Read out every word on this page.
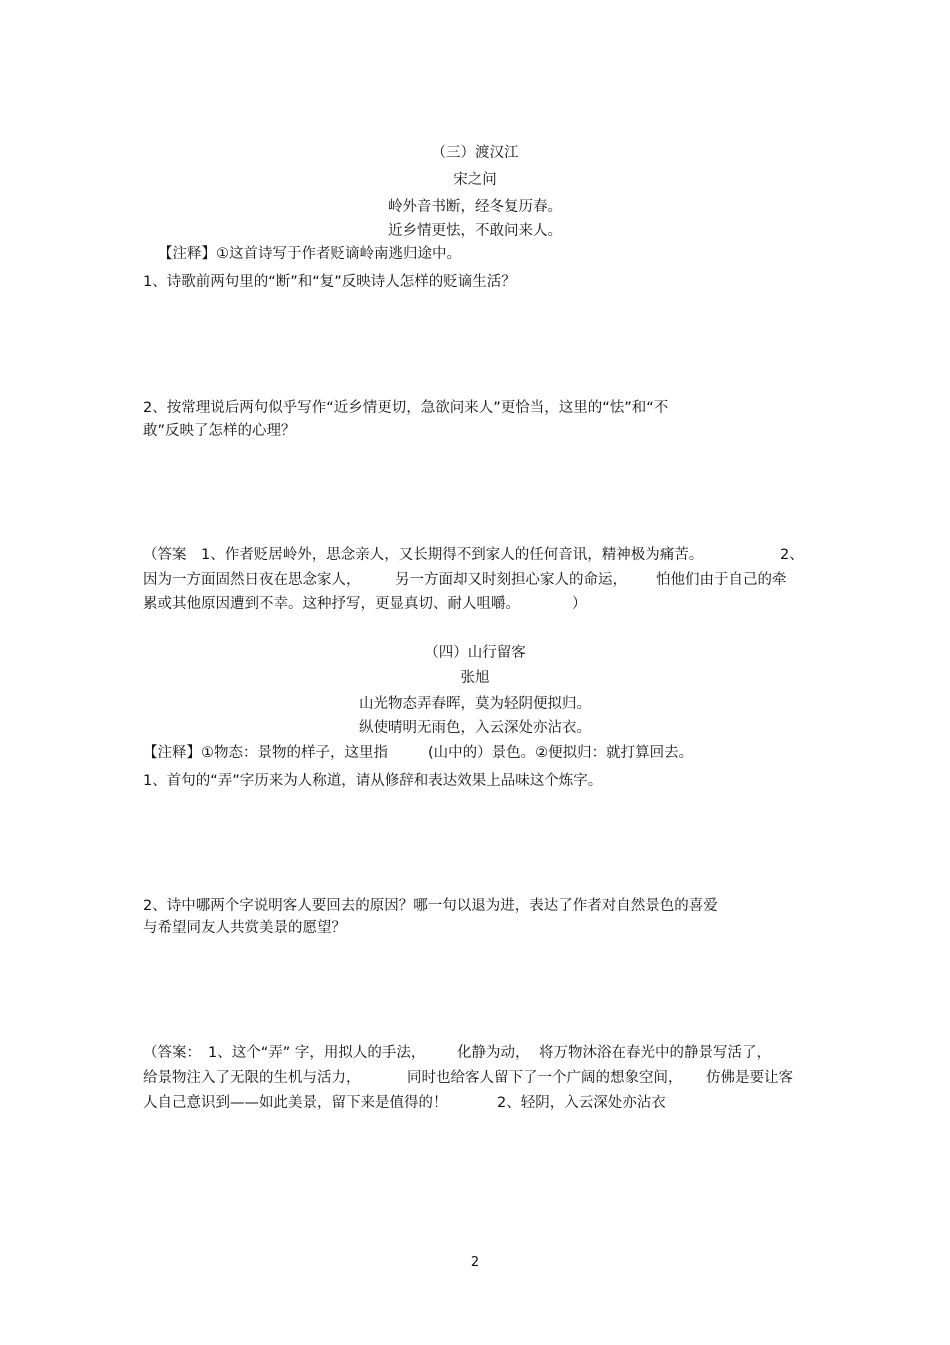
（三）渡汉江
宋之问
岭外音书断，经冬复历春。
近乡情更怯，不敢问来人。
【注释】①这首诗写于作者贬谪岭南逃归途中。
1、诗歌前两句里的“断”和“复”反映诗人怎样的贬谪生活？
2、按常理说后两句似乎写作“近乡情更切，急欲问来人”更恰当，这里的“怯”和“不
敢”反映了怎样的心理？
（答案　1、作者贬居岭外，思念亲人，又长期得不到家人的任何音讯，精神极为痛苦。	2、
因为一方面固然日夜在思念家人， 另一方面却又时刻担心家人的命运， 怕他们由于自己的牵
累或其他原因遭到不幸。这种抒写，更显真切、耐人咀嚼。	）
（四）山行留客
张旭
山光物态弄春晖，莫为轻阴便拟归。
纵使晴明无雨色，入云深处亦沾衣。
【注释】①物态：景物的样子，这里指	(山中的）景色。②便拟归：就打算回去。
1、首句的“弄”字历来为人称道，请从修辞和表达效果上品味这个炼字。
2、诗中哪两个字说明客人要回去的原因？哪一句以退为进，表达了作者对自然景色的喜爱
与希望同友人共赏美景的愿望？
（答案： 1、这个“弄” 字，用拟人的手法， 化静为动， 将万物沐浴在春光中的静景写活了，
给景物注入了无限的生机与活力，	同时也给客人留下了一个广阔的想象空间， 仿佛是要让客
人自己意识到——如此美景，留下来是值得的！	2、轻阴，入云深处亦沾衣
2
